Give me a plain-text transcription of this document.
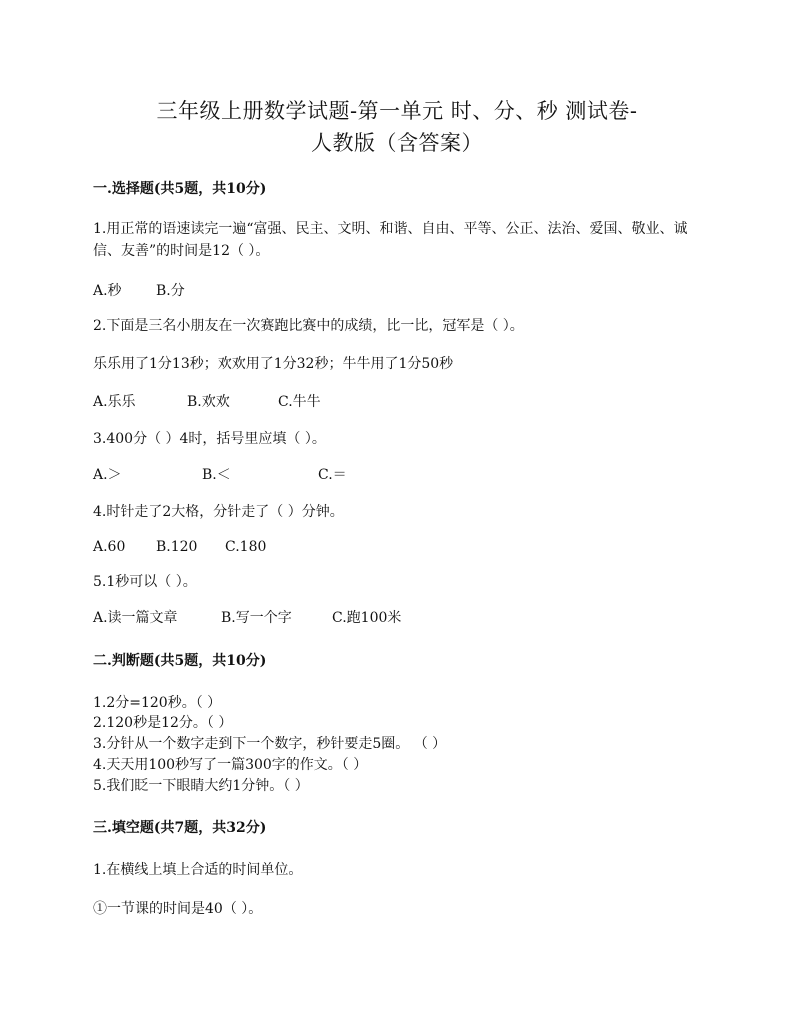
三年级上册数学试题-第一单元 时、分、秒 测试卷-
人教版（含答案）
一.选择题(共5题，共10分)
1.用正常的语速读完一遍“富强、民主、文明、和谐、自由、平等、公正、法治、爱国、敬业、诚信、友善”的时间是12（ ）。
A.秒 B.分
2.下面是三名小朋友在一次赛跑比赛中的成绩，比一比，冠军是（ ）。
乐乐用了1分13秒；欢欢用了1分32秒；牛牛用了1分50秒
A.乐乐	B.欢欢	C.牛牛
3.400分（ ）4时，括号里应填（ ）。
A.＞	B.＜	C.＝
4.时针走了2大格，分针走了（ ）分钟。
A.60 B.120 C.180
5.1秒可以（ ）。
A.读一篇文章	B.写一个字	C.跑100米
二.判断题(共5题，共10分)
1.2分=120秒。（ ）
2.120秒是12分。（ ）
3.分针从一个数字走到下一个数字，秒针要走5圈。 （ ）
4.天天用100秒写了一篇300字的作文。（ ）
5.我们眨一下眼睛大约1分钟。（ ）
三.填空题(共7题，共32分)
1.在横线上填上合适的时间单位。
①一节课的时间是40（ ）。
